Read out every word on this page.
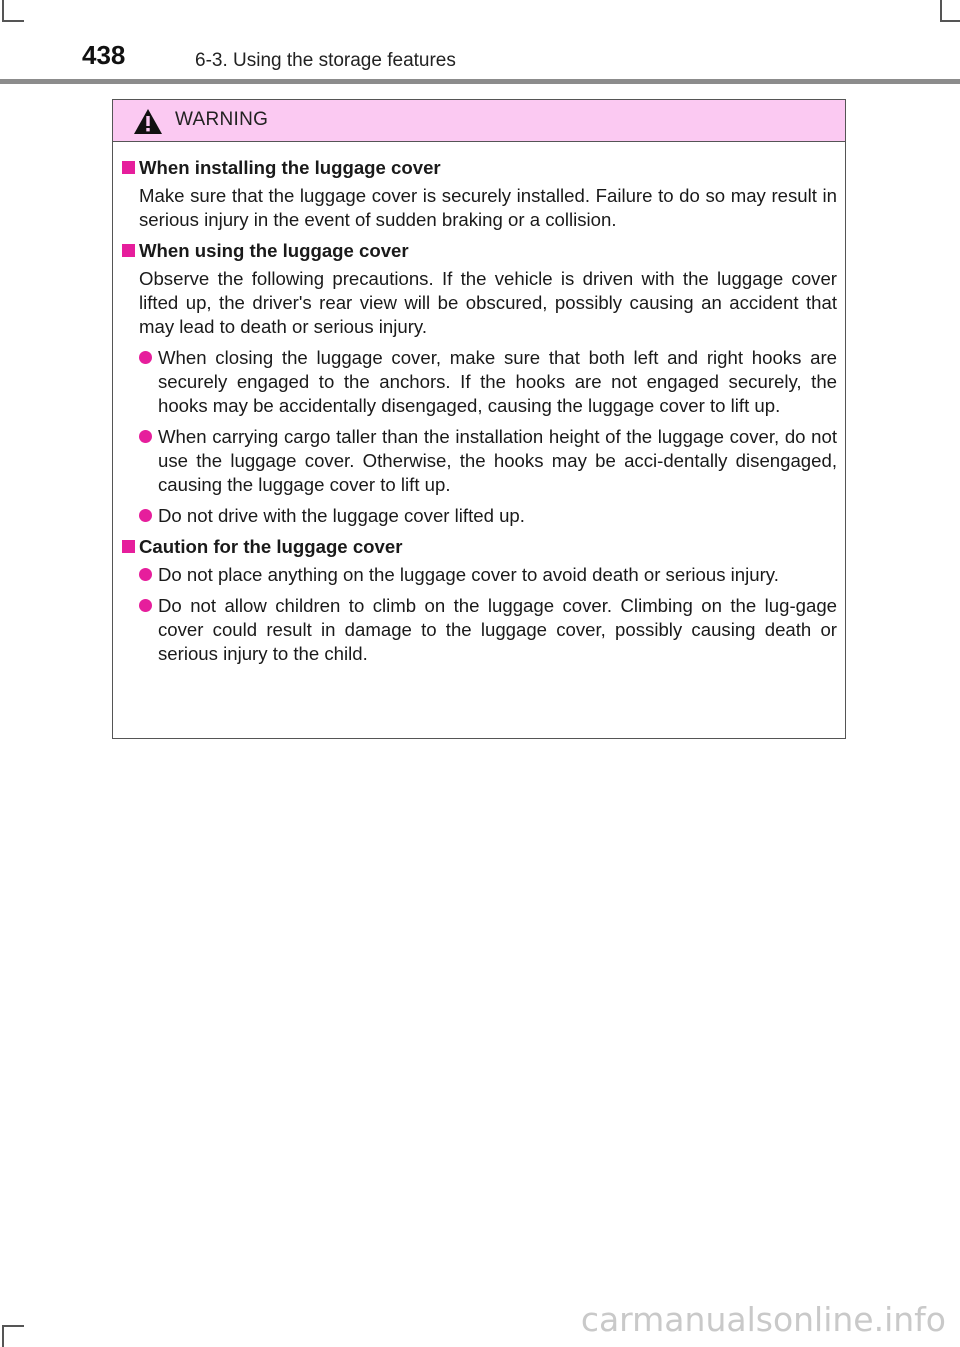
438	6-3. Using the storage features
WARNING
When installing the luggage cover
Make sure that the luggage cover is securely installed. Failure to do so may result in serious injury in the event of sudden braking or a collision.
When using the luggage cover
Observe the following precautions. If the vehicle is driven with the luggage cover lifted up, the driver's rear view will be obscured, possibly causing an accident that may lead to death or serious injury.
When closing the luggage cover, make sure that both left and right hooks are securely engaged to the anchors. If the hooks are not engaged securely, the hooks may be accidentally disengaged, causing the luggage cover to lift up.
When carrying cargo taller than the installation height of the luggage cover, do not use the luggage cover. Otherwise, the hooks may be acci-dentally disengaged, causing the luggage cover to lift up.
Do not drive with the luggage cover lifted up.
Caution for the luggage cover
Do not place anything on the luggage cover to avoid death or serious injury.
Do not allow children to climb on the luggage cover. Climbing on the lug-gage cover could result in damage to the luggage cover, possibly causing death or serious injury to the child.
carmanualsonline.info
